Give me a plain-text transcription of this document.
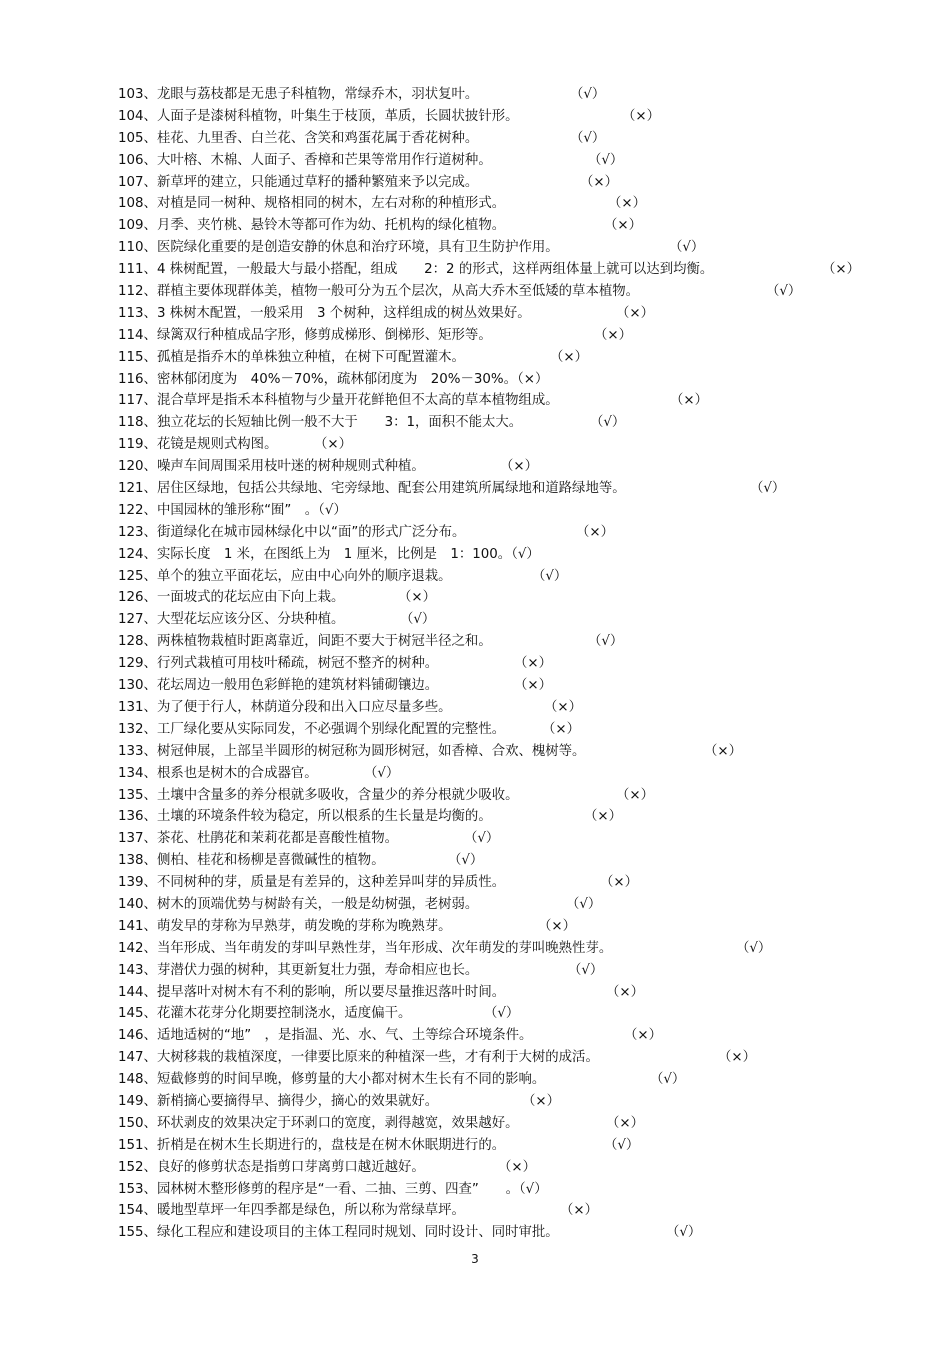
103、龙眼与荔枝都是无患子科植物，常绿乔木，羽状复叶。	（√）
104、人面子是漆树科植物，叶集生于枝顶，革质，长圆状披针形。	（×）
105、桂花、九里香、白兰花、含笑和鸡蛋花属于香花树种。	（√）
106、大叶榕、木棉、人面子、香樟和芒果等常用作行道树种。	（√）
107、新草坪的建立，只能通过草籽的播种繁殖来予以完成。	（×）
108、对植是同一树种、规格相同的树木，左右对称的种植形式。	（×）
109、月季、夹竹桃、悬铃木等都可作为幼、托机构的绿化植物。	（×）
110、医院绿化重要的是创造安静的休息和治疗环境，具有卫生防护作用。	（√）
111、4 株树配置，一般最大与最小搭配，组成　　2：2 的形式，这样两组体量上就可以达到均衡。	（×）
112、群植主要体现群体美，植物一般可分为五个层次，从高大乔木至低矮的草本植物。	（√）
113、3 株树木配置，一般采用　3 个树种，这样组成的树丛效果好。	（×）
114、绿篱双行种植成品字形，修剪成梯形、倒梯形、矩形等。	（×）
115、孤植是指乔木的单株独立种植，在树下可配置灌木。	（×）
116、密林郁闭度为　40%－70%，疏林郁闭度为　20%－30%。（×）
117、混合草坪是指禾本科植物与少量开花鲜艳但不太高的草本植物组成。	（×）
118、独立花坛的长短轴比例一般不大于　　3：1，面积不能太大。	（√）
119、花镜是规则式构图。	（×）
120、噪声车间周围采用枝叶迷的树种规则式种植。	（×）
121、居住区绿地，包括公共绿地、宅旁绿地、配套公用建筑所属绿地和道路绿地等。	（√）
122、中国园林的雏形称“囿”　。（√）
123、街道绿化在城市园林绿化中以“面”的形式广泛分布。	（×）
124、实际长度　1 米，在图纸上为　1 厘米，比例是　1：100。（√）
125、单个的独立平面花坛，应由中心向外的顺序退栽。	（√）
126、一面坡式的花坛应由下向上栽。	（×）
127、大型花坛应该分区、分块种植。	（√）
128、两株植物栽植时距离靠近，间距不要大于树冠半径之和。	（√）
129、行列式栽植可用枝叶稀疏，树冠不整齐的树种。	（×）
130、花坛周边一般用色彩鲜艳的建筑材料铺砌镶边。	（×）
131、为了便于行人，林荫道分段和出入口应尽量多些。	（×）
132、工厂绿化要从实际同发，不必强调个别绿化配置的完整性。	（×）
133、树冠伸展，上部呈半圆形的树冠称为圆形树冠，如香樟、合欢、槐树等。	（×）
134、根系也是树木的合成器官。	（√）
135、土壤中含量多的养分根就多吸收，含量少的养分根就少吸收。	（×）
136、土壤的环境条件较为稳定，所以根系的生长量是均衡的。	（×）
137、茶花、杜鹃花和茉莉花都是喜酸性植物。	（√）
138、侧柏、桂花和杨柳是喜微碱性的植物。	（√）
139、不同树种的芽，质量是有差异的，这种差异叫芽的异质性。	（×）
140、树木的顶端优势与树龄有关，一般是幼树强，老树弱。	（√）
141、萌发早的芽称为早熟芽，萌发晚的芽称为晚熟芽。	（×）
142、当年形成、当年萌发的芽叫早熟性芽，当年形成、次年萌发的芽叫晚熟性芽。	（√）
143、芽潜伏力强的树种，其更新复壮力强，寿命相应也长。	（√）
144、提早落叶对树木有不利的影响，所以要尽量推迟落叶时间。	（×）
145、花灌木花芽分化期要控制浇水，适度偏干。	（√）
146、适地适树的“地”　，是指温、光、水、气、土等综合环境条件。	（×）
147、大树移栽的栽植深度，一律要比原来的种植深一些，才有利于大树的成活。	（×）
148、短截修剪的时间早晚，修剪量的大小都对树木生长有不同的影响。	（√）
149、新梢摘心要摘得早、摘得少，摘心的效果就好。	（×）
150、环状剥皮的效果决定于环剥口的宽度，剥得越宽，效果越好。	（×）
151、折梢是在树木生长期进行的，盘枝是在树木休眠期进行的。	（√）
152、良好的修剪状态是指剪口芽离剪口越近越好。	（×）
153、园林树木整形修剪的程序是“一看、二抽、三剪、四查”　　。（√）
154、暖地型草坪一年四季都是绿色，所以称为常绿草坪。	（×）
155、绿化工程应和建设项目的主体工程同时规划、同时设计、同时审批。	（√）
3
